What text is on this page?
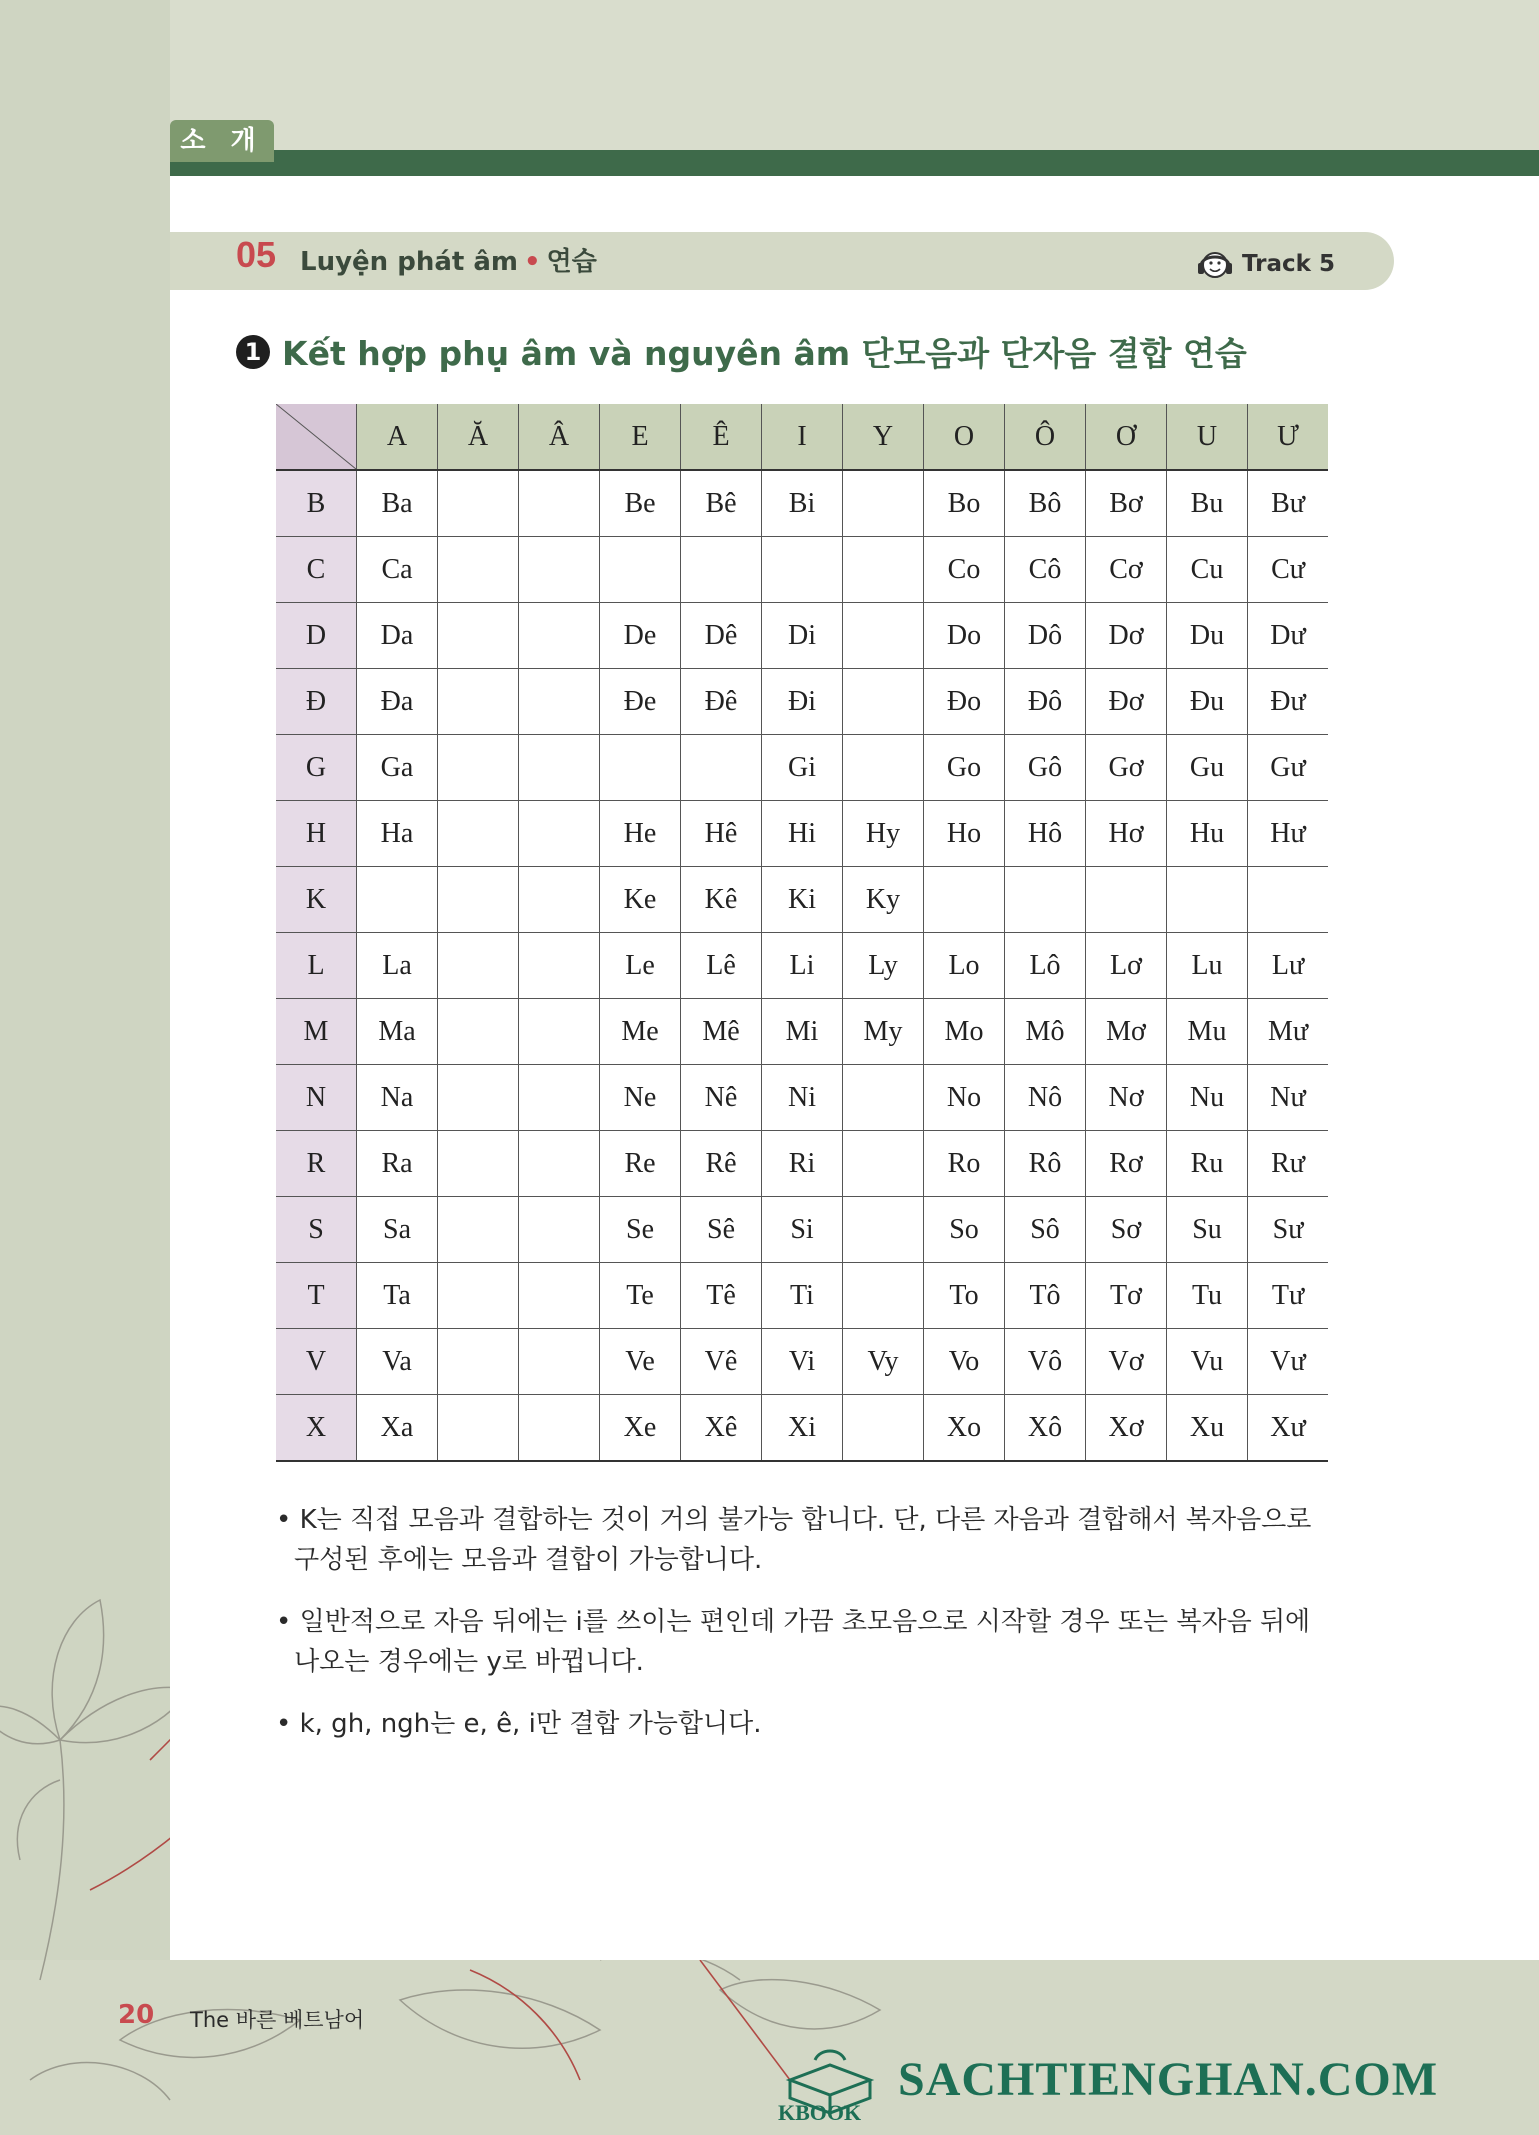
소 개
05 Luyện phát âm • 연습	Track 5
1 Kết hợp phụ âm và nguyên âm 단모음과 단자음 결합 연습
	A	Ă	Â	E	Ê	I	Y	O	Ô	Ơ	U	Ư
B	Ba			Be	Bê	Bi		Bo	Bô	Bơ	Bu	Bư
C	Ca							Co	Cô	Cơ	Cu	Cư
D	Da			De	Dê	Di		Do	Dô	Dơ	Du	Dư
Đ	Đa			Đe	Đê	Đi		Đo	Đô	Đơ	Đu	Đư
G	Ga					Gi		Go	Gô	Gơ	Gu	Gư
H	Ha			He	Hê	Hi	Hy	Ho	Hô	Hơ	Hu	Hư
K				Ke	Kê	Ki	Ky					
L	La			Le	Lê	Li	Ly	Lo	Lô	Lơ	Lu	Lư
M	Ma			Me	Mê	Mi	My	Mo	Mô	Mơ	Mu	Mư
N	Na			Ne	Nê	Ni		No	Nô	Nơ	Nu	Nư
R	Ra			Re	Rê	Ri		Ro	Rô	Rơ	Ru	Rư
S	Sa			Se	Sê	Si		So	Sô	Sơ	Su	Sư
T	Ta			Te	Tê	Ti		To	Tô	Tơ	Tu	Tư
V	Va			Ve	Vê	Vi	Vy	Vo	Vô	Vơ	Vu	Vư
X	Xa			Xe	Xê	Xi		Xo	Xô	Xơ	Xu	Xư
• K는 직접 모음과 결합하는 것이 거의 불가능 합니다. 단, 다른 자음과 결합해서 복자음으로 구성된 후에는 모음과 결합이 가능합니다.
• 일반적으로 자음 뒤에는 i를 쓰이는 편인데 가끔 초모음으로 시작할 경우 또는 복자음 뒤에 나오는 경우에는 y로 바뀝니다.
• k, gh, ngh는 e, ê, i만 결합 가능합니다.
20 The 바른 베트남어
KBOOK
SACHTIENGHAN.COM
